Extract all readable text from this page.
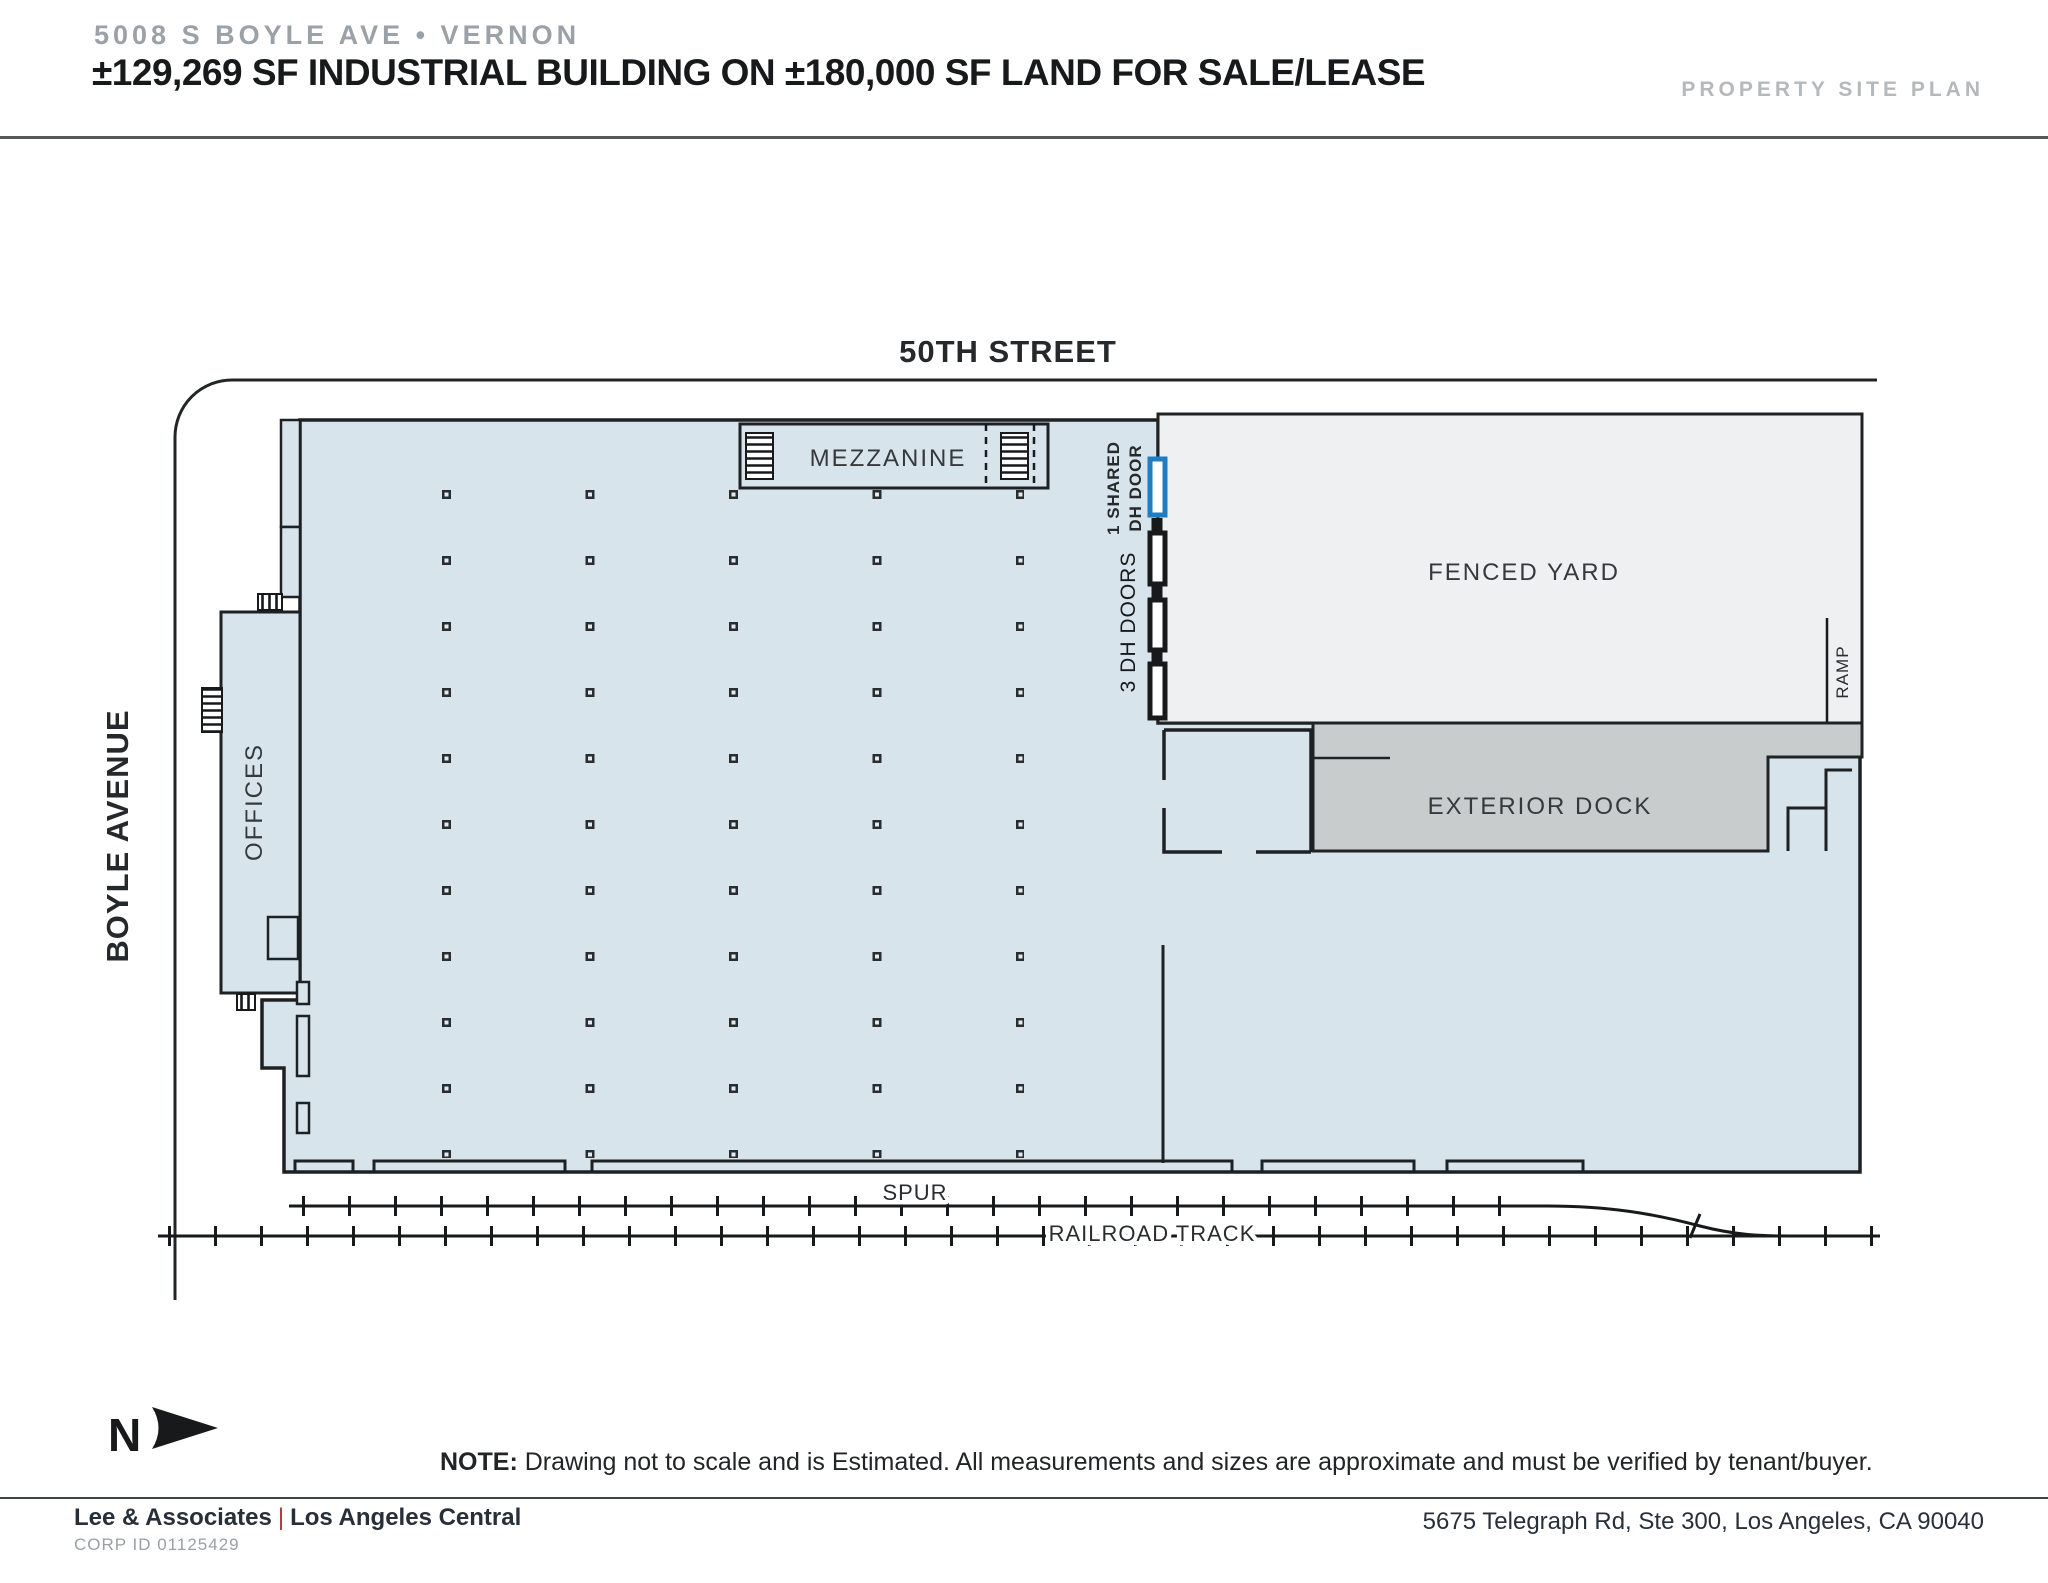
5008 S BOYLE AVE • VERNON
±129,269 SF INDUSTRIAL BUILDING ON ±180,000 SF LAND FOR SALE/LEASE	PROPERTY SITE PLAN
MEZZANINE
FENCED YARD
RAMP
EXTERIOR DOCK
1 SHARED DH DOOR
3 DH DOORS
50TH STREET
BOYLE AVENUE	OFFICES
SPUR
RAILROAD TRACK
N
NOTE: Drawing not to scale and is Estimated. All measurements and sizes are approximate and must be verified by tenant/buyer.
Lee & Associates | Los Angeles Central
CORP ID 01125429
5675 Telegraph Rd, Ste 300, Los Angeles, CA 90040
